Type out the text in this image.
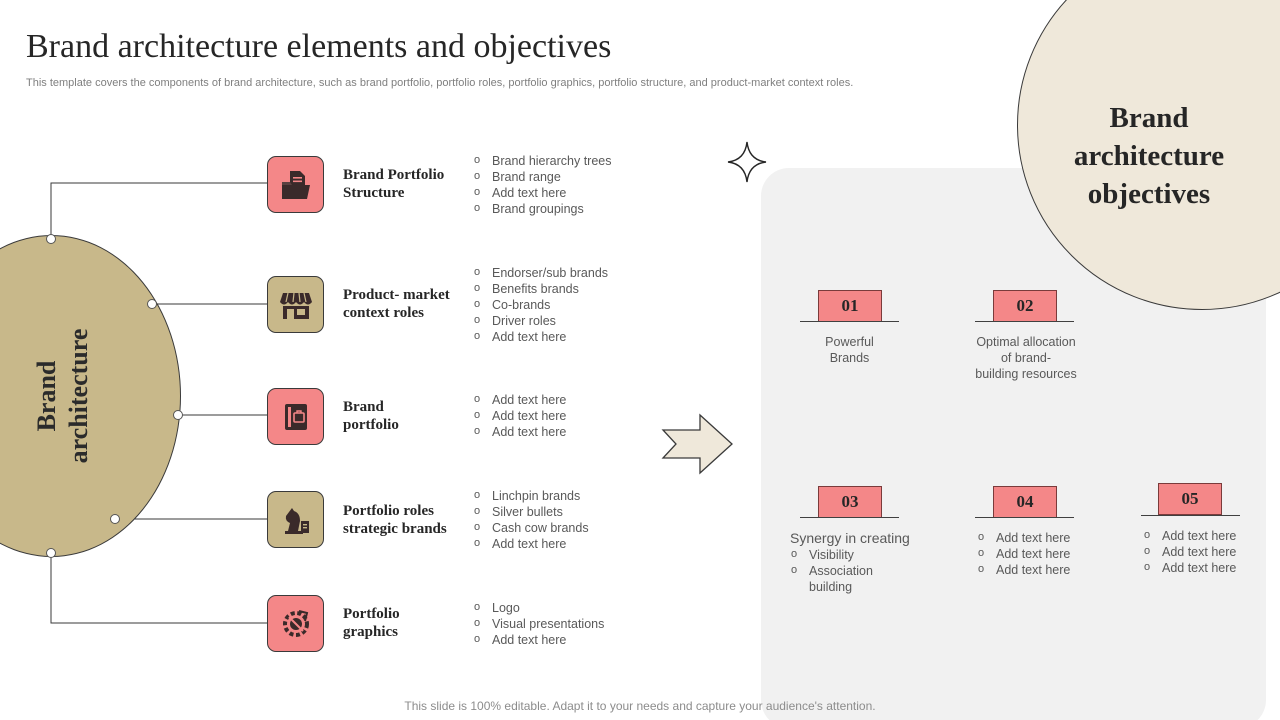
Brand architecture elements and objectives
This template covers the components of brand architecture, such as brand portfolio, portfolio roles, portfolio graphics, portfolio structure, and product-market context roles.
Brand
architecture
objectives
Brand architecture
Brand Portfolio
Structure
o Brand hierarchy trees
o Brand range
o Add text here
o Brand groupings
Product- market
context roles
o Endorser/sub brands
o Benefits brands
o Co-brands
o Driver roles
o Add text here
Brand
portfolio
o Add text here
o Add text here
o Add text here
Portfolio roles
strategic brands
o Linchpin brands
o Silver bullets
o Cash cow brands
o Add text here
Portfolio
graphics
o Logo
o Visual presentations
o Add text here
01
Powerful
Brands
02
Optimal allocation
of brand-
building resources
03
Synergy in creating
o Visibility
o Association
building
04
o Add text here
o Add text here
o Add text here
05
o Add text here
o Add text here
o Add text here
This slide is 100% editable. Adapt it to your needs and capture your audience's attention.
